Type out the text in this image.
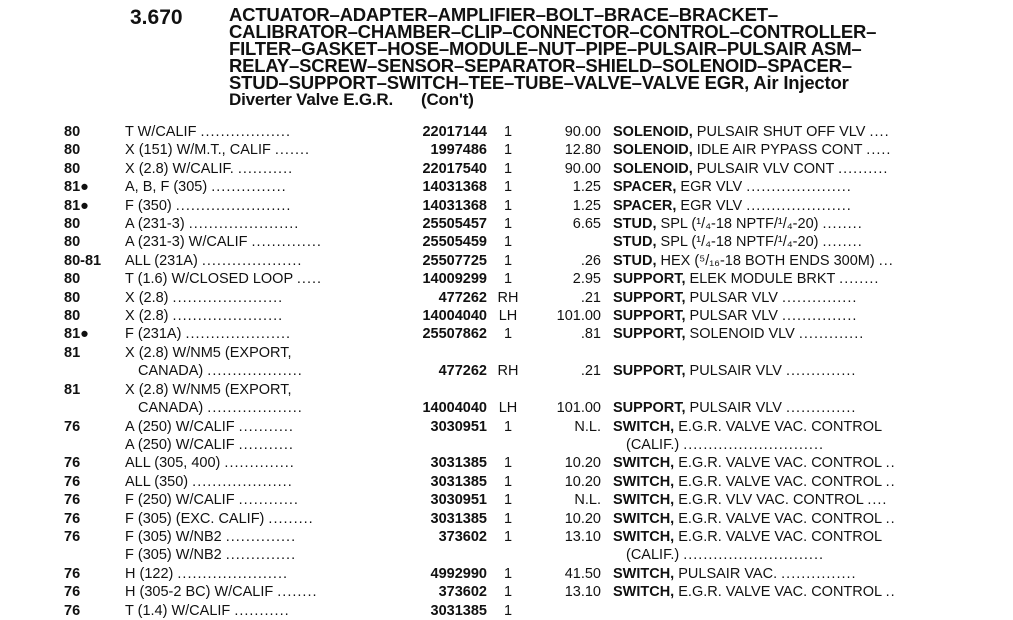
3.670	ACTUATOR–ADAPTER–AMPLIFIER–BOLT–BRACE–BRACKET–
CALIBRATOR–CHAMBER–CLIP–CONNECTOR–CONTROL–CONTROLLER–
FILTER–GASKET–HOSE–MODULE–NUT–PIPE–PULSAIR–PULSAIR ASM–
RELAY–SCREW–SENSOR–SEPARATOR–SHIELD–SOLENOID–SPACER–
STUD–SUPPORT–SWITCH–TEE–TUBE–VALVE–VALVE EGR, Air Injector
Diverter Valve E.G.R. (Con't)
80	T W/CALIF ..................	22017144	1	90.00	SOLENOID, PULSAIR SHUT OFF VLV ....
80	X (151) W/M.T., CALIF .......	1997486	1	12.80	SOLENOID, IDLE AIR PYPASS CONT .....
80	X (2.8) W/CALIF. ...........	22017540	1	90.00	SOLENOID, PULSAIR VLV CONT ..........
81●	A, B, F (305) ...............	14031368	1	1.25	SPACER, EGR VLV .....................
81●	F (350) .......................	14031368	1	1.25	SPACER, EGR VLV .....................
80	A (231-3) ......................	25505457	1	6.65	STUD, SPL (¹/₄-18 NPTF/¹/₄-20) ........
80	A (231-3) W/CALIF ..............	25505459	1		STUD, SPL (¹/₄-18 NPTF/¹/₄-20) ........
80-81	ALL (231A) ....................	25507725	1	.26	STUD, HEX (⁵/₁₆-18 BOTH ENDS 300M) ...
80	T (1.6) W/CLOSED LOOP .....	14009299	1	2.95	SUPPORT, ELEK MODULE BRKT ........
80	X (2.8) ......................	477262	RH	.21	SUPPORT, PULSAR VLV ...............
80	X (2.8) ......................	14004040	LH	101.00	SUPPORT, PULSAR VLV ...............
81●	F (231A) .....................	25507862	1	.81	SUPPORT, SOLENOID VLV .............
81	X (2.8) W/NM5 (EXPORT,				
	CANADA) ...................	477262	RH	.21	SUPPORT, PULSAIR VLV ..............
81	X (2.8) W/NM5 (EXPORT,				
	CANADA) ...................	14004040	LH	101.00	SUPPORT, PULSAIR VLV ..............
76	A (250) W/CALIF ...........	3030951	1	N.L.	SWITCH, E.G.R. VALVE VAC. CONTROL
	A (250) W/CALIF ...........				(CALIF.) ............................
76	ALL (305, 400) ..............	3031385	1	10.20	SWITCH, E.G.R. VALVE VAC. CONTROL ..
76	ALL (350) ....................	3031385	1	10.20	SWITCH, E.G.R. VALVE VAC. CONTROL ..
76	F (250) W/CALIF ............	3030951	1	N.L.	SWITCH, E.G.R. VLV VAC. CONTROL ....
76	F (305) (EXC. CALIF) .........	3031385	1	10.20	SWITCH, E.G.R. VALVE VAC. CONTROL ..
76	F (305) W/NB2 ..............	373602	1	13.10	SWITCH, E.G.R. VALVE VAC. CONTROL
	F (305) W/NB2 ..............				(CALIF.) ............................
76	H (122) ......................	4992990	1	41.50	SWITCH, PULSAIR VAC. ...............
76	H (305-2 BC) W/CALIF ........	373602	1	13.10	SWITCH, E.G.R. VALVE VAC. CONTROL ..
76	T (1.4) W/CALIF ...........	3031385	1		
